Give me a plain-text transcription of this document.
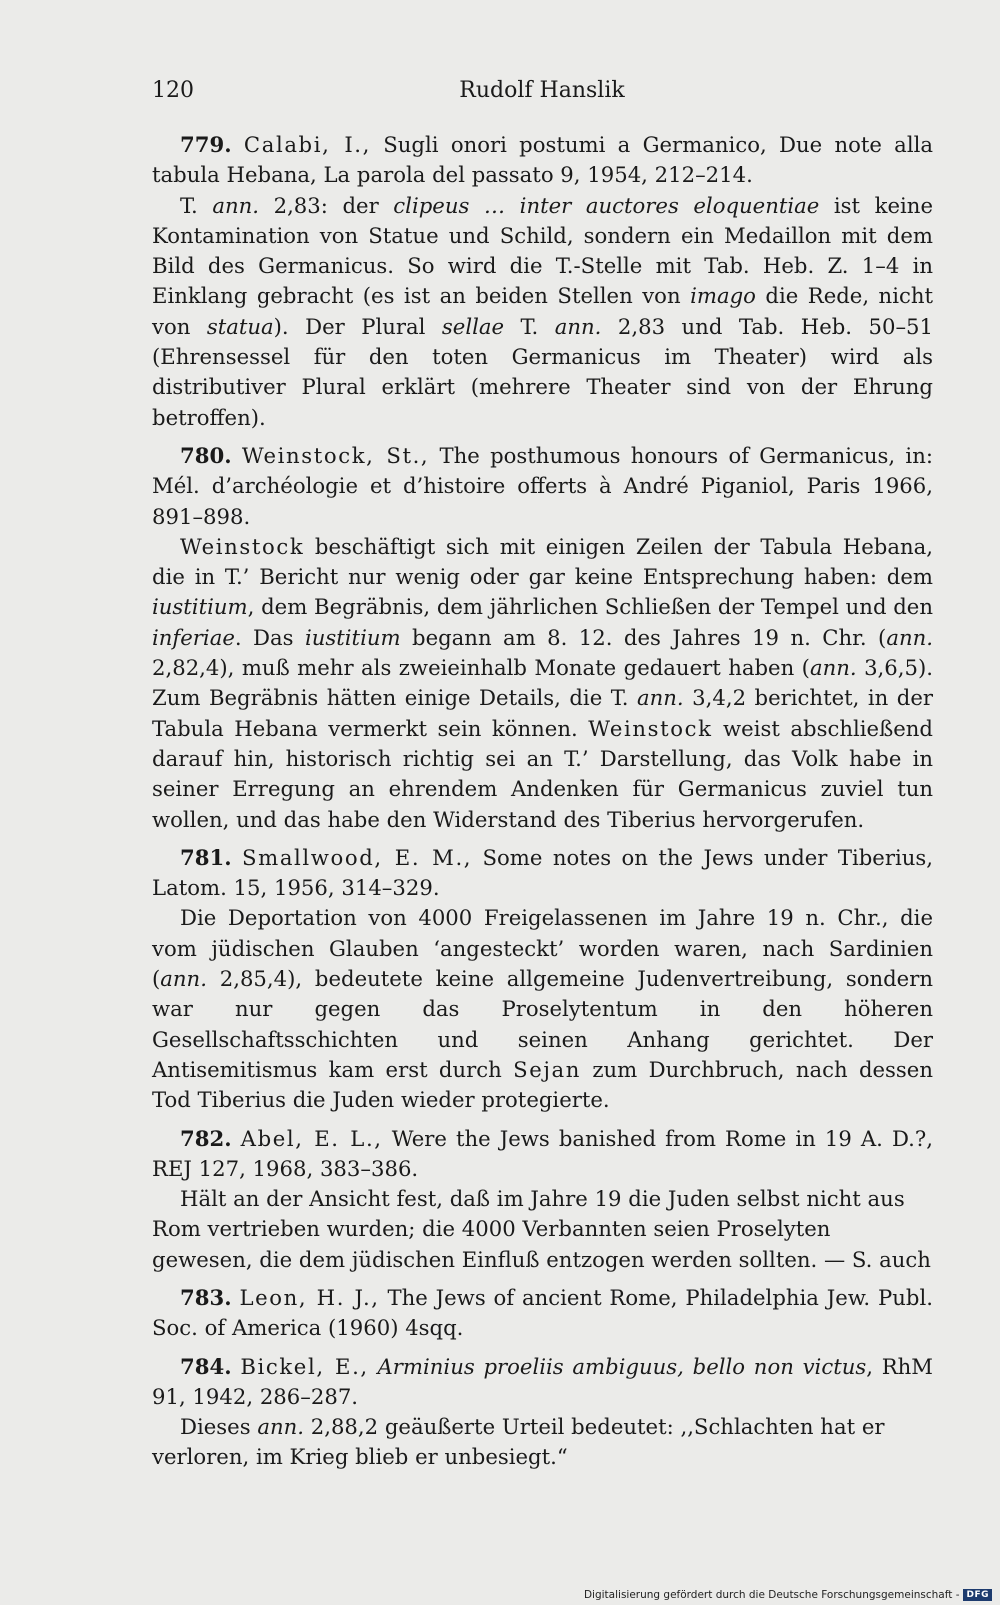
120	Rudolf Hanslik

779. Calabi, I., Sugli onori postumi a Germanico, Due note alla tabula Hebana, La parola del passato 9, 1954, 212–214.

T. ann. 2,83: der clipeus … inter auctores eloquentiae ist keine Kontamination von Statue und Schild, sondern ein Medaillon mit dem Bild des Germanicus. So wird die T.-Stelle mit Tab. Heb. Z. 1–4 in Einklang gebracht (es ist an beiden Stellen von imago die Rede, nicht von statua). Der Plural sellae T. ann. 2,83 und Tab. Heb. 50–51 (Ehrensessel für den toten Germanicus im Theater) wird als distributiver Plural erklärt (mehrere Theater sind von der Ehrung betroffen).

780. Weinstock, St., The posthumous honours of Germanicus, in: Mél. d’archéologie et d’histoire offerts à André Piganiol, Paris 1966, 891–898.

Weinstock beschäftigt sich mit einigen Zeilen der Tabula Hebana, die in T.’ Bericht nur wenig oder gar keine Entsprechung haben: dem iustitium, dem Begräbnis, dem jährlichen Schließen der Tempel und den inferiae. Das iustitium begann am 8. 12. des Jahres 19 n. Chr. (ann. 2,82,4), muß mehr als zweieinhalb Monate gedauert haben (ann. 3,6,5). Zum Begräbnis hätten einige Details, die T. ann. 3,4,2 berichtet, in der Tabula Hebana vermerkt sein können. Weinstock weist abschließend darauf hin, historisch richtig sei an T.’ Darstellung, das Volk habe in seiner Erregung an ehrendem Andenken für Germanicus zuviel tun wollen, und das habe den Widerstand des Tiberius hervorgerufen.

781. Smallwood, E. M., Some notes on the Jews under Tiberius, Latom. 15, 1956, 314–329.

Die Deportation von 4000 Freigelassenen im Jahre 19 n. Chr., die vom jüdischen Glauben ‘angesteckt’ worden waren, nach Sardinien (ann. 2,85,4), bedeutete keine allgemeine Judenvertreibung, sondern war nur gegen das Proselytentum in den höheren Gesellschaftsschichten und seinen Anhang gerichtet. Der Antisemitismus kam erst durch Sejan zum Durchbruch, nach dessen Tod Tiberius die Juden wieder protegierte.

782. Abel, E. L., Were the Jews banished from Rome in 19 A. D.?, REJ 127, 1968, 383–386.

Hält an der Ansicht fest, daß im Jahre 19 die Juden selbst nicht aus Rom vertrieben wurden; die 4000 Verbannten seien Proselyten gewesen, die dem jüdischen Einfluß entzogen werden sollten. — S. auch

783. Leon, H. J., The Jews of ancient Rome, Philadelphia Jew. Publ. Soc. of America (1960) 4sqq.

784. Bickel, E., Arminius proeliis ambiguus, bello non victus, RhM 91, 1942, 286–287.

Dieses ann. 2,88,2 geäußerte Urteil bedeutet: ,,Schlachten hat er verloren, im Krieg blieb er unbesiegt.“

Digitalisierung gefördert durch die Deutsche Forschungsgemeinschaft - DFG
